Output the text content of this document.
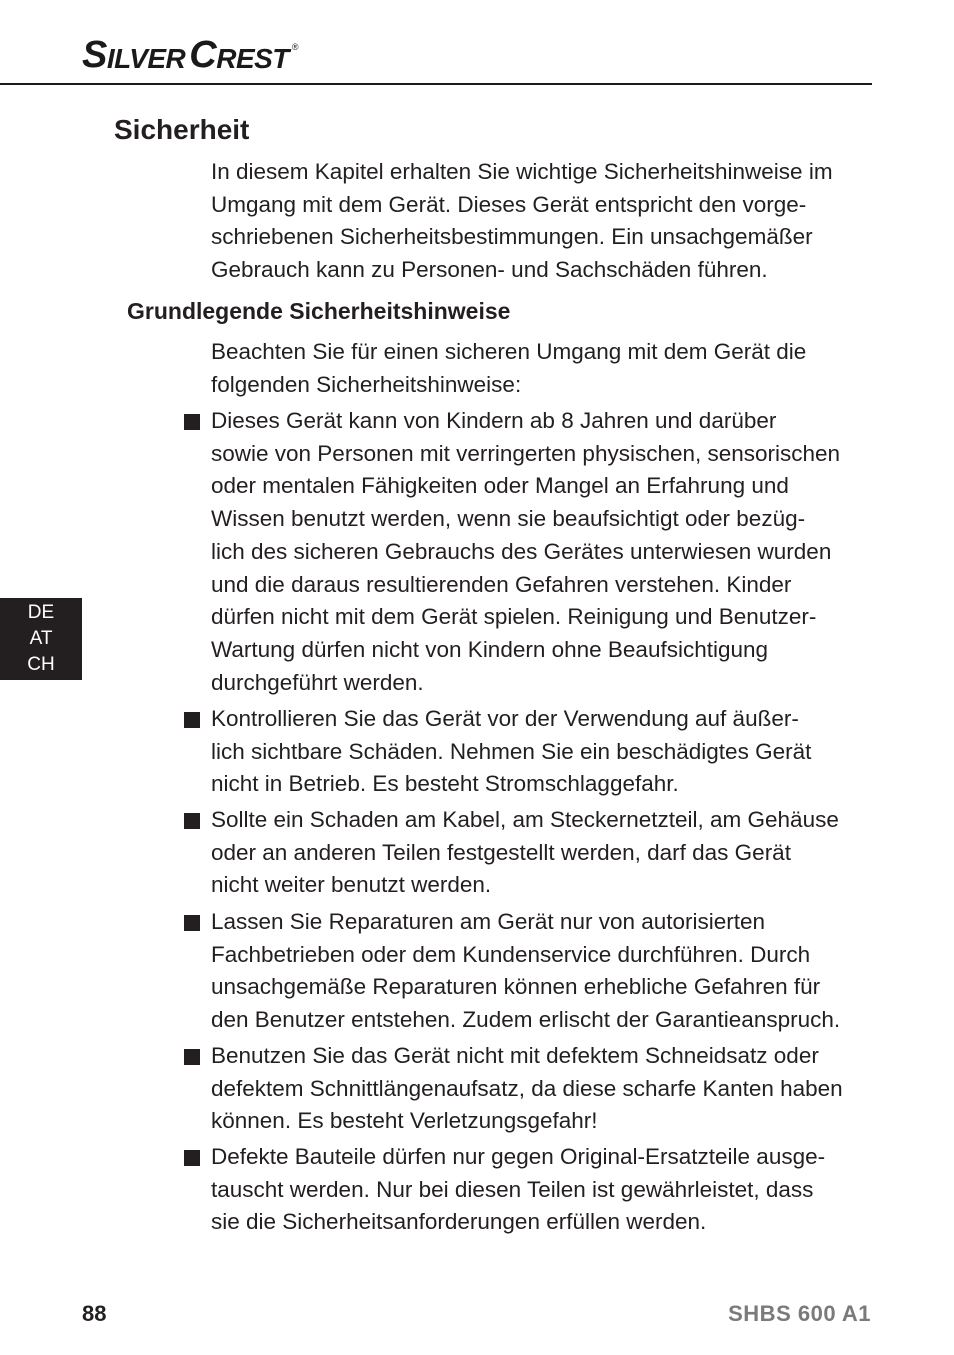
S ILVER C REST ®
Sicherheit

In diesem Kapitel erhalten Sie wichtige Sicherheitshinweise im
Umgang mit dem Gerät. Dieses Gerät entspricht den vorge-
schriebenen Sicherheitsbestimmungen. Ein unsachgemäßer
Gebrauch kann zu Personen- und Sachschäden führen.

Grundlegende Sicherheitshinweise

Beachten Sie für einen sicheren Umgang mit dem Gerät die
folgenden Sicherheitshinweise:

Dieses Gerät kann von Kindern ab 8 Jahren und darüber
sowie von Personen mit verringerten physischen, sensorischen
oder mentalen Fähigkeiten oder Mangel an Erfahrung und
Wissen benutzt werden, wenn sie beaufsichtigt oder bezüg-
lich des sicheren Gebrauchs des Gerätes unterwiesen wurden
und die daraus resultierenden Gefahren verstehen. Kinder
dürfen nicht mit dem Gerät spielen. Reinigung und Benutzer-
Wartung dürfen nicht von Kindern ohne Beaufsichtigung
durchgeführt werden.

Kontrollieren Sie das Gerät vor der Verwendung auf äußer-
lich sichtbare Schäden. Nehmen Sie ein beschädigtes Gerät
nicht in Betrieb. Es besteht Stromschlaggefahr.

Sollte ein Schaden am Kabel, am Steckernetzteil, am Gehäuse
oder an anderen Teilen festgestellt werden, darf das Gerät
nicht weiter benutzt werden.

Lassen Sie Reparaturen am Gerät nur von autorisierten
Fachbetrieben oder dem Kundenservice durchführen. Durch
unsachgemäße Reparaturen können erhebliche Gefahren für
den Benutzer entstehen. Zudem erlischt der Garantieanspruch.

Benutzen Sie das Gerät nicht mit defektem Schneidsatz oder
defektem Schnittlängenaufsatz, da diese scharfe Kanten haben
können. Es besteht Verletzungsgefahr!

Defekte Bauteile dürfen nur gegen Original-Ersatzteile ausge-
tauscht werden. Nur bei diesen Teilen ist gewährleistet, dass
sie die Sicherheitsanforderungen erfüllen werden.

DE
AT
CH
88	SHBS 600 A1
